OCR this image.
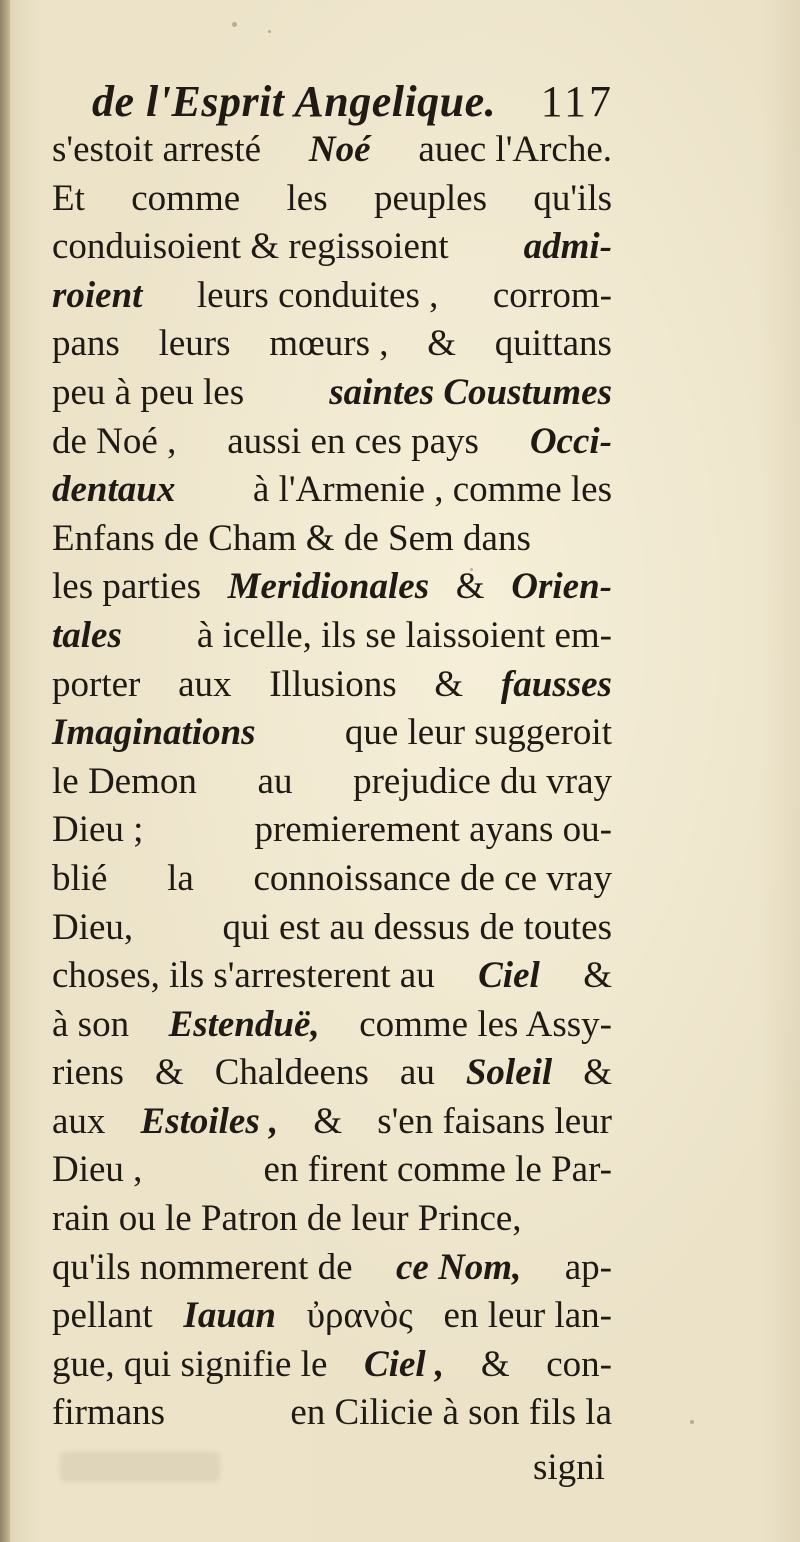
de l'Esprit Angelique. 117
s'estoit arresté Noé auec l'Arche.
Et comme les peuples qu'ils
conduisoient & regissoient admi-
roient leurs conduites , corrom-
pans leurs mœurs , & quittans
peu à peu les saintes Coustumes
de Noé , aussi en ces pays Occi-
dentaux à l'Armenie , comme les
Enfans de Cham & de Sem dans
les parties Meridionales & Orien-
tales à icelle, ils se laissoient em-
porter aux Illusions & fausses
Imaginations que leur suggeroit
le Demon au prejudice du vray
Dieu ;	premierement ayans ou-
blié la connoissance de ce vray
Dieu, qui est au dessus de toutes
choses, ils s'arresterent au Ciel &
à son Estenduë, comme les Assy-
riens & Chaldeens au Soleil &
aux Estoiles , & s'en faisans leur
Dieu ,	en firent comme le Par-
rain ou le Patron de leur Prince,
qu'ils nommerent de ce Nom, ap-
pellant Iauan ὐρανὸς en leur lan-
gue, qui signifie le Ciel , & con-
firmans	en Cilicie à son fils la
signi
